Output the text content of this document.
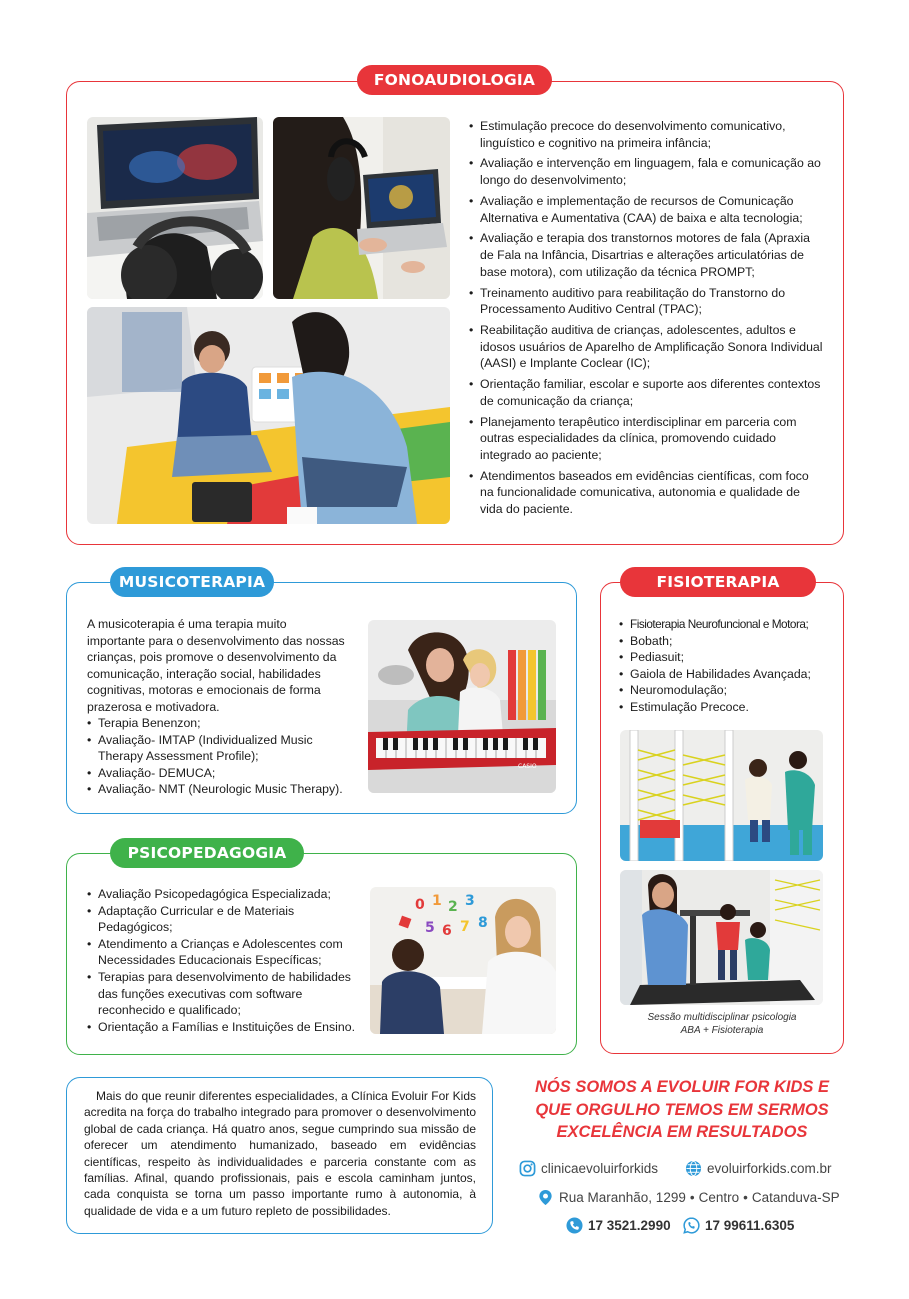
FONOAUDIOLOGIA
• Estimulação precoce do desenvolvimento comunicativo, linguístico e cognitivo na primeira infância;
• Avaliação e intervenção em linguagem, fala e comunicação ao longo do desenvolvimento;
• Avaliação e implementação de recursos de Comunicação Alternativa e Aumentativa (CAA) de baixa e alta tecnologia;
• Avaliação e terapia dos transtornos motores de fala (Apraxia de Fala na Infância, Disartrias e alterações articulatórias de base motora), com utilização da técnica PROMPT;
• Treinamento auditivo para reabilitação do Transtorno do Processamento Auditivo Central (TPAC);
• Reabilitação auditiva de crianças, adolescentes, adultos e idosos usuários de Aparelho de Amplificação Sonora Individual (AASI) e Implante Coclear (IC);
• Orientação familiar, escolar e suporte aos diferentes contextos de comunicação da criança;
• Planejamento terapêutico interdisciplinar em parceria com outras especialidades da clínica, promovendo cuidado integrado ao paciente;
• Atendimentos baseados em evidências científicas, com foco na funcionalidade comunicativa, autonomia e qualidade de vida do paciente.
MUSICOTERAPIA
A musicoterapia é uma terapia muito importante para o desenvolvimento das nossas crianças, pois promove o desenvolvimento da comunicação, interação social, habilidades cognitivas, motoras e emocionais de forma prazerosa e motivadora.
• Terapia Benenzon;
• Avaliação- IMTAP (Individualized Music Therapy Assessment Profile);
• Avaliação- DEMUCA;
• Avaliação- NMT (Neurologic Music Therapy).
CASIO
PSICOPEDAGOGIA
• Avaliação Psicopedagógica Especializada;
• Adaptação Curricular e de Materiais Pedagógicos;
• Atendimento a Crianças e Adolescentes com Necessidades Educacionais Específicas;
• Terapias para desenvolvimento de habilidades das funções executivas com software reconhecido e qualificado;
• Orientação a Famílias e Instituições de Ensino.
0 1 2 3
5 6 7 8
FISIOTERAPIA
• Fisioterapia Neurofuncional e Motora;
• Bobath;
• Pediasuit;
• Gaiola de Habilidades Avançada;
• Neuromodulação;
• Estimulação Precoce.
Sessão multidisciplinar psicologia
ABA + Fisioterapia
Mais do que reunir diferentes especialidades, a Clínica Evoluir For Kids acredita na força do trabalho integrado para promover o desenvolvimento global de cada criança. Há quatro anos, segue cumprindo sua missão de oferecer um atendimento humanizado, baseado em evidências científicas, respeito às individualidades e parceria constante com as famílias. Afinal, quando profissionais, pais e escola caminham juntos, cada conquista se torna um passo importante rumo à autonomia, à qualidade de vida e a um futuro repleto de possibilidades.
NÓS SOMOS A EVOLUIR FOR KIDS E
QUE ORGULHO TEMOS EM SERMOS
EXCELÊNCIA EM RESULTADOS
clinicaevoluirforkids	evoluirforkids.com.br
Rua Maranhão, 1299 • Centro • Catanduva-SP
17 3521.2990	17 99611.6305
